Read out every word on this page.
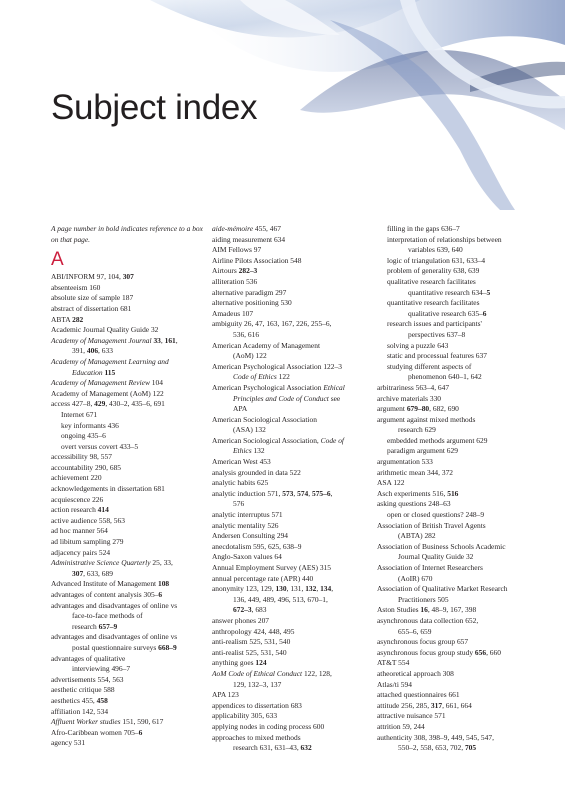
Subject index

A page number in bold indicates reference to a box on that page.

A
ABI/INFORM 97, 104, 307
absenteeism 160
absolute size of sample 187
abstract of dissertation 681
ABTA 282
Academic Journal Quality Guide 32
Academy of Management Journal 33, 161,
391, 406, 633
Academy of Management Learning and
Education 115
Academy of Management Review 104
Academy of Management (AoM) 122
access 427–8, 429, 430–2, 435–6, 691
Internet 671
key informants 436
ongoing 435–6
overt versus covert 433–5
accessibility 98, 557
accountability 290, 685
achievement 220
acknowledgements in dissertation 681
acquiescence 226
action research 414
active audience 558, 563
ad hoc manner 564
ad libitum sampling 279
adjacency pairs 524
Administrative Science Quarterly 25, 33,
307, 633, 689
Advanced Institute of Management 108
advantages of content analysis 305–6
advantages and disadvantages of online vs
face-to-face methods of
research 657–9
advantages and disadvantages of online vs
postal questionnaire surveys 668–9
advantages of qualitative
interviewing 496–7
advertisements 554, 563
aesthetic critique 588
aesthetics 455, 458
affiliation 142, 534
Affluent Worker studies 151, 590, 617
Afro-Caribbean women 705–6
agency 531
aide-mémoire 455, 467
aiding measurement 634
AIM Fellows 97
Airline Pilots Association 548
Airtours 282–3
alliteration 536
alternative paradigm 297
alternative positioning 530
Amadeus 107
ambiguity 26, 47, 163, 167, 226, 255–6,
536, 616
American Academy of Management
(AoM) 122
American Psychological Association 122–3
Code of Ethics 122
American Psychological Association Ethical
Principles and Code of Conduct see
APA
American Sociological Association
(ASA) 132
American Sociological Association, Code of
Ethics 132
American West 453
analysis grounded in data 522
analytic habits 625
analytic induction 571, 573, 574, 575–6,
576
analytic interruptus 571
analytic mentality 526
Andersen Consulting 294
anecdotalism 595, 625, 638–9
Anglo-Saxon values 64
Annual Employment Survey (AES) 315
annual percentage rate (APR) 440
anonymity 123, 129, 130, 131, 132, 134,
136, 449, 489, 496, 513, 670–1,
672–3, 683
answer phones 207
anthropology 424, 448, 495
anti-realism 525, 531, 540
anti-realist 525, 531, 540
anything goes 124
AoM Code of Ethical Conduct 122, 128,
129, 132–3, 137
APA 123
appendices to dissertation 683
applicability 305, 633
applying nodes in coding process 600
approaches to mixed methods
research 631, 631–43, 632
filling in the gaps 636–7
interpretation of relationships between
variables 639, 640
logic of triangulation 631, 633–4
problem of generality 638, 639
qualitative research facilitates
quantitative research 634–5
quantitative research facilitates
qualitative research 635–6
research issues and participants'
perspectives 637–8
solving a puzzle 643
static and processual features 637
studying different aspects of
phenomenon 640–1, 642
arbitrariness 563–4, 647
archive materials 330
argument 679–80, 682, 690
argument against mixed methods
research 629
embedded methods argument 629
paradigm argument 629
argumentation 533
arithmetic mean 344, 372
ASA 122
Asch experiments 516, 516
asking questions 248–63
open or closed questions? 248–9
Association of British Travel Agents
(ABTA) 282
Association of Business Schools Academic
Journal Quality Guide 32
Association of Internet Researchers
(AoIR) 670
Association of Qualitative Market Research
Practitioners 505
Aston Studies 16, 48–9, 167, 398
asynchronous data collection 652,
655–6, 659
asynchronous focus group 657
asynchronous focus group study 656, 660
AT&T 554
atheoretical approach 308
Atlas/ti 594
attached questionnaires 661
attitude 256, 285, 317, 661, 664
attractive nuisance 571
attrition 59, 244
authenticity 308, 398–9, 449, 545, 547,
550–2, 558, 653, 702, 705
